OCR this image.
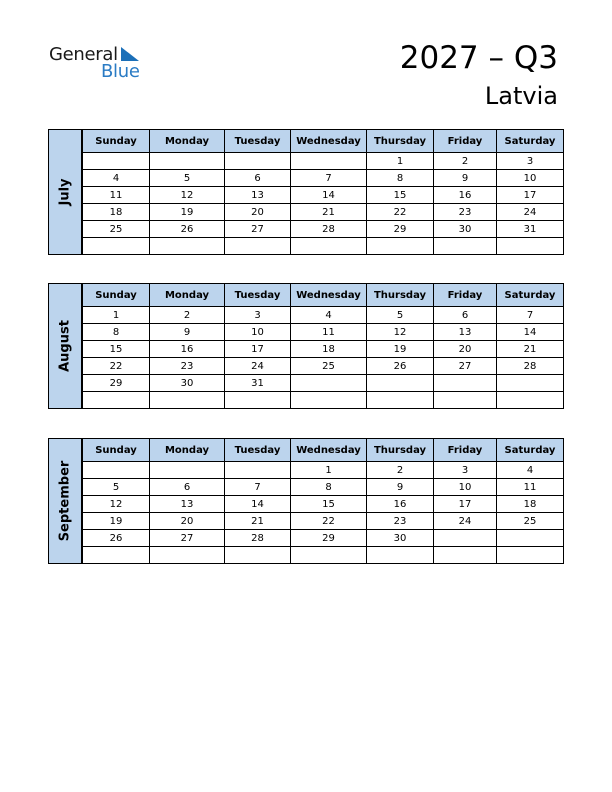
General
Blue	2027 – Q3
Latvia
July
Sunday	Monday	Tuesday	Wednesday	Thursday	Friday	Saturday
				1	2	3
4	5	6	7	8	9	10
11	12	13	14	15	16	17
18	19	20	21	22	23	24
25	26	27	28	29	30	31

August
Sunday	Monday	Tuesday	Wednesday	Thursday	Friday	Saturday
1	2	3	4	5	6	7
8	9	10	11	12	13	14
15	16	17	18	19	20	21
22	23	24	25	26	27	28
29	30	31				

September
Sunday	Monday	Tuesday	Wednesday	Thursday	Friday	Saturday
			1	2	3	4
5	6	7	8	9	10	11
12	13	14	15	16	17	18
19	20	21	22	23	24	25
26	27	28	29	30		
